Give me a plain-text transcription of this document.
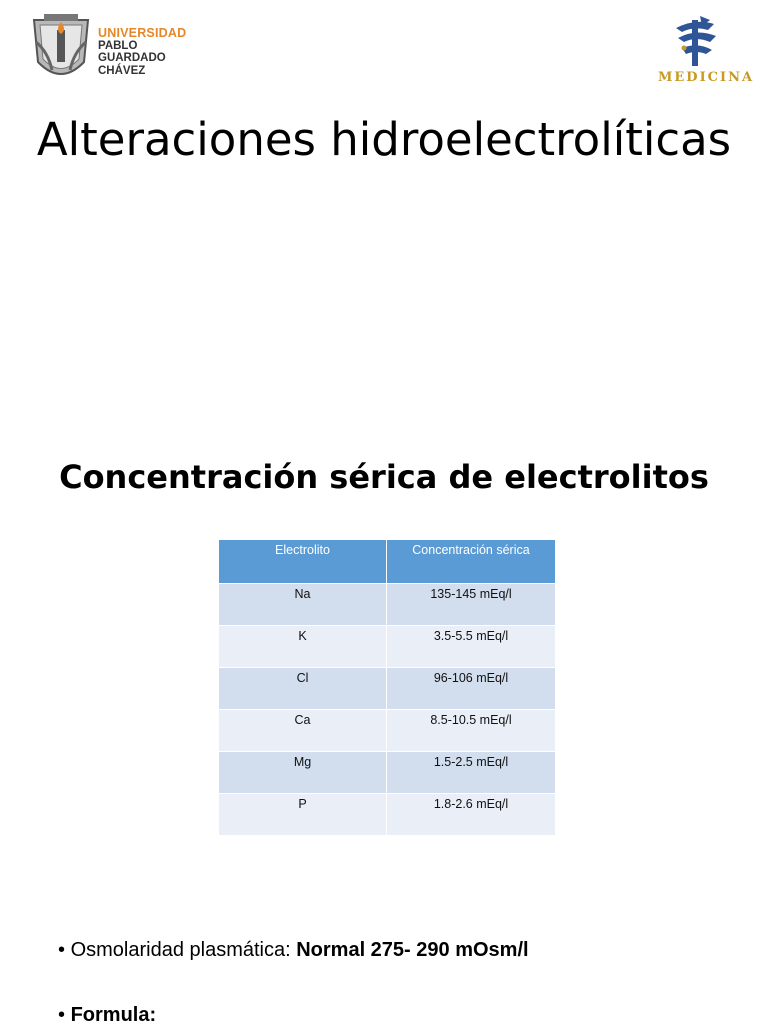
UNIVERSIDAD
PABLO
GUARDADO
CHÁVEZ	MEDICINA
Alteraciones hidroelectrolíticas
Concentración sérica de electrolitos
Electrolito	Concentración sérica
Na	135-145 mEq/l
K	3.5-5.5 mEq/l
Cl	96-106 mEq/l
Ca	8.5-10.5 mEq/l
Mg	1.5-2.5 mEq/l
P	1.8-2.6 mEq/l
• Osmolaridad plasmática: Normal 275- 290 mOsm/l
• Formula:
